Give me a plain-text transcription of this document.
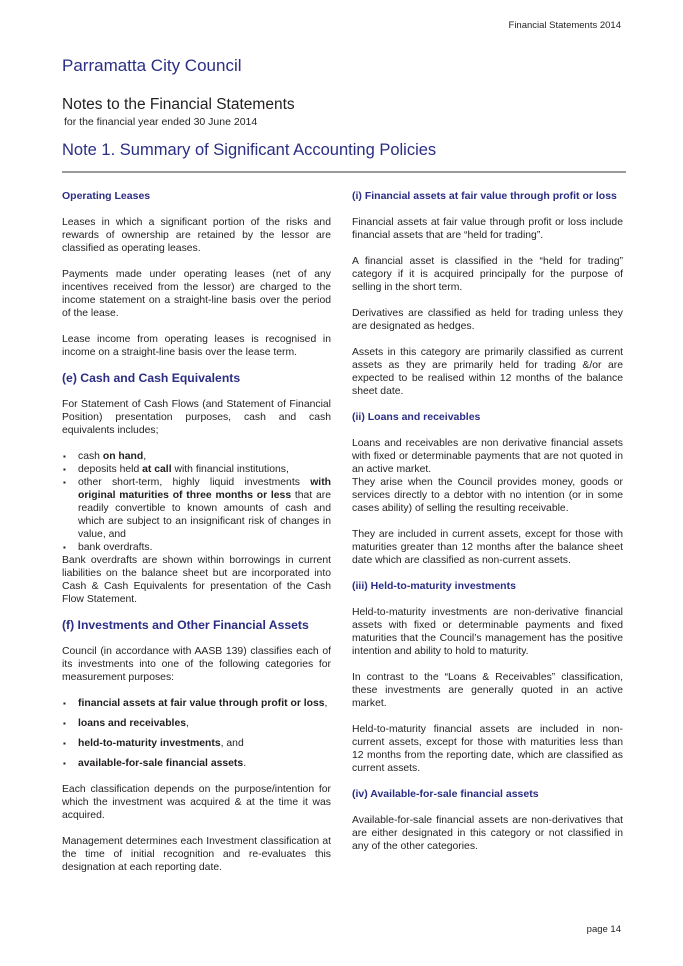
Financial Statements 2014
Parramatta City Council
Notes to the Financial Statements
for the financial year ended 30 June 2014
Note 1. Summary of Significant Accounting Policies
Operating Leases

Leases in which a significant portion of the risks and rewards of ownership are retained by the lessor are classified as operating leases.

Payments made under operating leases (net of any incentives received from the lessor) are charged to the income statement on a straight-line basis over the period of the lease.

Lease income from operating leases is recognised in income on a straight-line basis over the lease term.

(e) Cash and Cash Equivalents

For Statement of Cash Flows (and Statement of Financial Position) presentation purposes, cash and cash equivalents includes;

▪ cash on hand,
▪ deposits held at call with financial institutions,
▪ other short-term, highly liquid investments with original maturities of three months or less that are readily convertible to known amounts of cash and which are subject to an insignificant risk of changes in value, and
▪ bank overdrafts.

Bank overdrafts are shown within borrowings in current liabilities on the balance sheet but are incorporated into Cash & Cash Equivalents for presentation of the Cash Flow Statement.

(f) Investments and Other Financial Assets

Council (in accordance with AASB 139) classifies each of its investments into one of the following categories for measurement purposes:

▪ financial assets at fair value through profit or loss,
▪ loans and receivables,
▪ held-to-maturity investments, and
▪ available-for-sale financial assets.

Each classification depends on the purpose/intention for which the investment was acquired & at the time it was acquired.

Management determines each Investment classification at the time of initial recognition and re-evaluates this designation at each reporting date.

(i) Financial assets at fair value through profit or loss

Financial assets at fair value through profit or loss include financial assets that are “held for trading”.

A financial asset is classified in the “held for trading” category if it is acquired principally for the purpose of selling in the short term.

Derivatives are classified as held for trading unless they are designated as hedges.

Assets in this category are primarily classified as current assets as they are primarily held for trading &/or are expected to be realised within 12 months of the balance sheet date.

(ii) Loans and receivables

Loans and receivables are non derivative financial assets with fixed or determinable payments that are not quoted in an active market.

They arise when the Council provides money, goods or services directly to a debtor with no intention (or in some cases ability) of selling the resulting receivable.

They are included in current assets, except for those with maturities greater than 12 months after the balance sheet date which are classified as non-current assets.

(iii) Held-to-maturity investments

Held-to-maturity investments are non-derivative financial assets with fixed or determinable payments and fixed maturities that the Council’s management has the positive intention and ability to hold to maturity.

In contrast to the “Loans & Receivables” classification, these investments are generally quoted in an active market.

Held-to-maturity financial assets are included in non-current assets, except for those with maturities less than 12 months from the reporting date, which are classified as current assets.

(iv) Available-for-sale financial assets

Available-for-sale financial assets are non-derivatives that are either designated in this category or not classified in any of the other categories.

page 14
